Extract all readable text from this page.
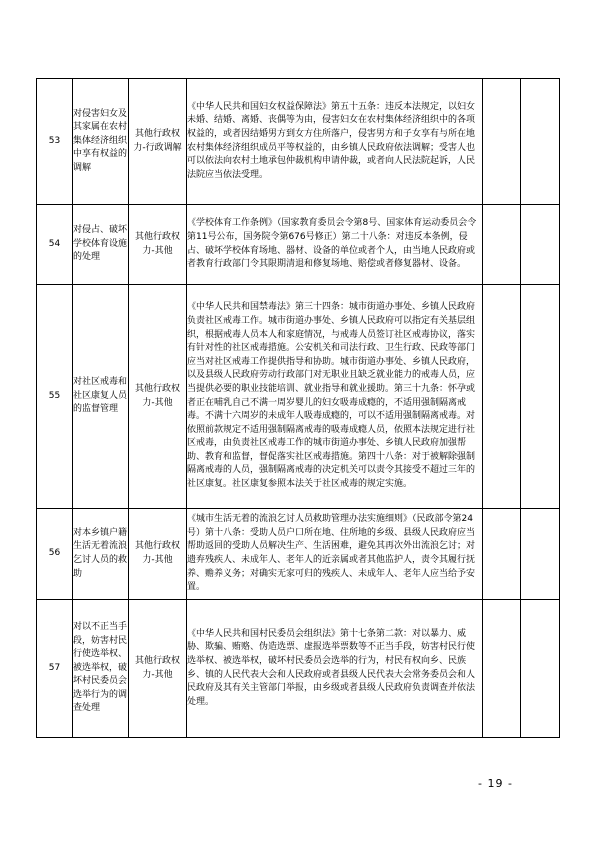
53	对侵害妇女及其家属在农村集体经济组织中享有权益的调解	其他行政权力-行政调解	《中华人民共和国妇女权益保障法》第五十五条：违反本法规定，以妇女未婚、结婚、离婚、丧偶等为由，侵害妇女在农村集体经济组织中的各项权益的，或者因结婚男方到女方住所落户，侵害男方和子女享有与所在地农村集体经济组织成员平等权益的，由乡镇人民政府依法调解；受害人也可以依法向农村土地承包仲裁机构申请仲裁，或者向人民法院起诉，人民法院应当依法受理。		
54	对侵占、破坏学校体育设施的处理	其他行政权力-其他	《学校体育工作条例》（国家教育委员会令第8号、国家体育运动委员会令第11号公布，国务院令第676号修正）第二十八条：对违反本条例，侵占、破坏学校体育场地、器材、设备的单位或者个人，由当地人民政府或者教育行政部门令其限期清退和修复场地、赔偿或者修复器材、设备。		
55	对社区戒毒和社区康复人员的监督管理	其他行政权力-其他	《中华人民共和国禁毒法》第三十四条：城市街道办事处、乡镇人民政府负责社区戒毒工作。城市街道办事处、乡镇人民政府可以指定有关基层组织，根据戒毒人员本人和家庭情况，与戒毒人员签订社区戒毒协议，落实有针对性的社区戒毒措施。公安机关和司法行政、卫生行政、民政等部门应当对社区戒毒工作提供指导和协助。城市街道办事处、乡镇人民政府，以及县级人民政府劳动行政部门对无职业且缺乏就业能力的戒毒人员，应当提供必要的职业技能培训、就业指导和就业援助。第三十九条：怀孕或者正在哺乳自己不满一周岁婴儿的妇女吸毒成瘾的，不适用强制隔离戒毒。不满十六周岁的未成年人吸毒成瘾的，可以不适用强制隔离戒毒。对依照前款规定不适用强制隔离戒毒的吸毒成瘾人员，依照本法规定进行社区戒毒，由负责社区戒毒工作的城市街道办事处、乡镇人民政府加强帮助、教育和监督，督促落实社区戒毒措施。第四十八条：对于被解除强制隔离戒毒的人员，强制隔离戒毒的决定机关可以责令其接受不超过三年的社区康复。社区康复参照本法关于社区戒毒的规定实施。		
56	对本乡镇户籍生活无着流浪乞讨人员的救助	其他行政权力-其他	《城市生活无着的流浪乞讨人员救助管理办法实施细则》（民政部令第24号）第十八条：受助人员户口所在地、住所地的乡级、县级人民政府应当帮助返回的受助人员解决生产、生活困难，避免其再次外出流浪乞讨；对遗弃残疾人、未成年人、老年人的近亲属或者其他监护人，责令其履行抚养、赡养义务；对确实无家可归的残疾人、未成年人、老年人应当给予安置。		
57	对以不正当手段，妨害村民行使选举权、被选举权，破坏村民委员会选举行为的调查处理	其他行政权力-其他	《中华人民共和国村民委员会组织法》第十七条第二款：对以暴力、威胁、欺骗、贿赂、伪造选票、虚报选举票数等不正当手段，妨害村民行使选举权、被选举权，破坏村民委员会选举的行为，村民有权向乡、民族乡、镇的人民代表大会和人民政府或者县级人民代表大会常务委员会和人民政府及其有关主管部门举报，由乡级或者县级人民政府负责调查并依法处理。		
- 19 -
